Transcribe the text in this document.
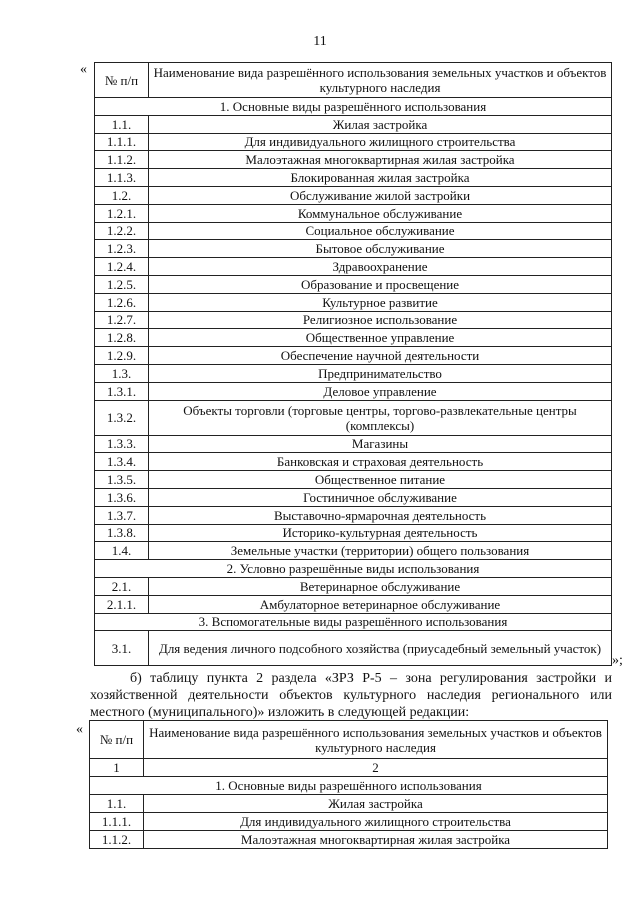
11
«
№ п/п	Наименование вида разрешённого использования земельных участков и объектов культурного наследия
1. Основные виды разрешённого использования	
1.1.	Жилая застройка
1.1.1.	Для индивидуального жилищного строительства
1.1.2.	Малоэтажная многоквартирная жилая застройка
1.1.3.	Блокированная жилая застройка
1.2.	Обслуживание жилой застройки
1.2.1.	Коммунальное обслуживание
1.2.2.	Социальное обслуживание
1.2.3.	Бытовое обслуживание
1.2.4.	Здравоохранение
1.2.5.	Образование и просвещение
1.2.6.	Культурное развитие
1.2.7.	Религиозное использование
1.2.8.	Общественное управление
1.2.9.	Обеспечение научной деятельности
1.3.	Предпринимательство
1.3.1.	Деловое управление
1.3.2.	Объекты торговли (торговые центры, торгово-развлекательные центры (комплексы)
1.3.3.	Магазины
1.3.4.	Банковская и страховая деятельность
1.3.5.	Общественное питание
1.3.6.	Гостиничное обслуживание
1.3.7.	Выставочно-ярмарочная деятельность
1.3.8.	Историко-культурная деятельность
1.4.	Земельные участки (территории) общего пользования
2. Условно разрешённые виды использования	
2.1.	Ветеринарное обслуживание
2.1.1.	Амбулаторное ветеринарное обслуживание
3. Вспомогательные виды разрешённого использования	
3.1.	Для ведения личного подсобного хозяйства (приусадебный земельный участок)
»;
б) таблицу пункта 2 раздела «ЗРЗ Р-5 – зона регулирования застройки и хозяйственной деятельности объектов культурного наследия регионального или местного (муниципального)» изложить в следующей редакции:
«
№ п/п	Наименование вида разрешённого использования земельных участков и объектов культурного наследия
1	2
1. Основные виды разрешённого использования	
1.1.	Жилая застройка
1.1.1.	Для индивидуального жилищного строительства
1.1.2.	Малоэтажная многоквартирная жилая застройка
